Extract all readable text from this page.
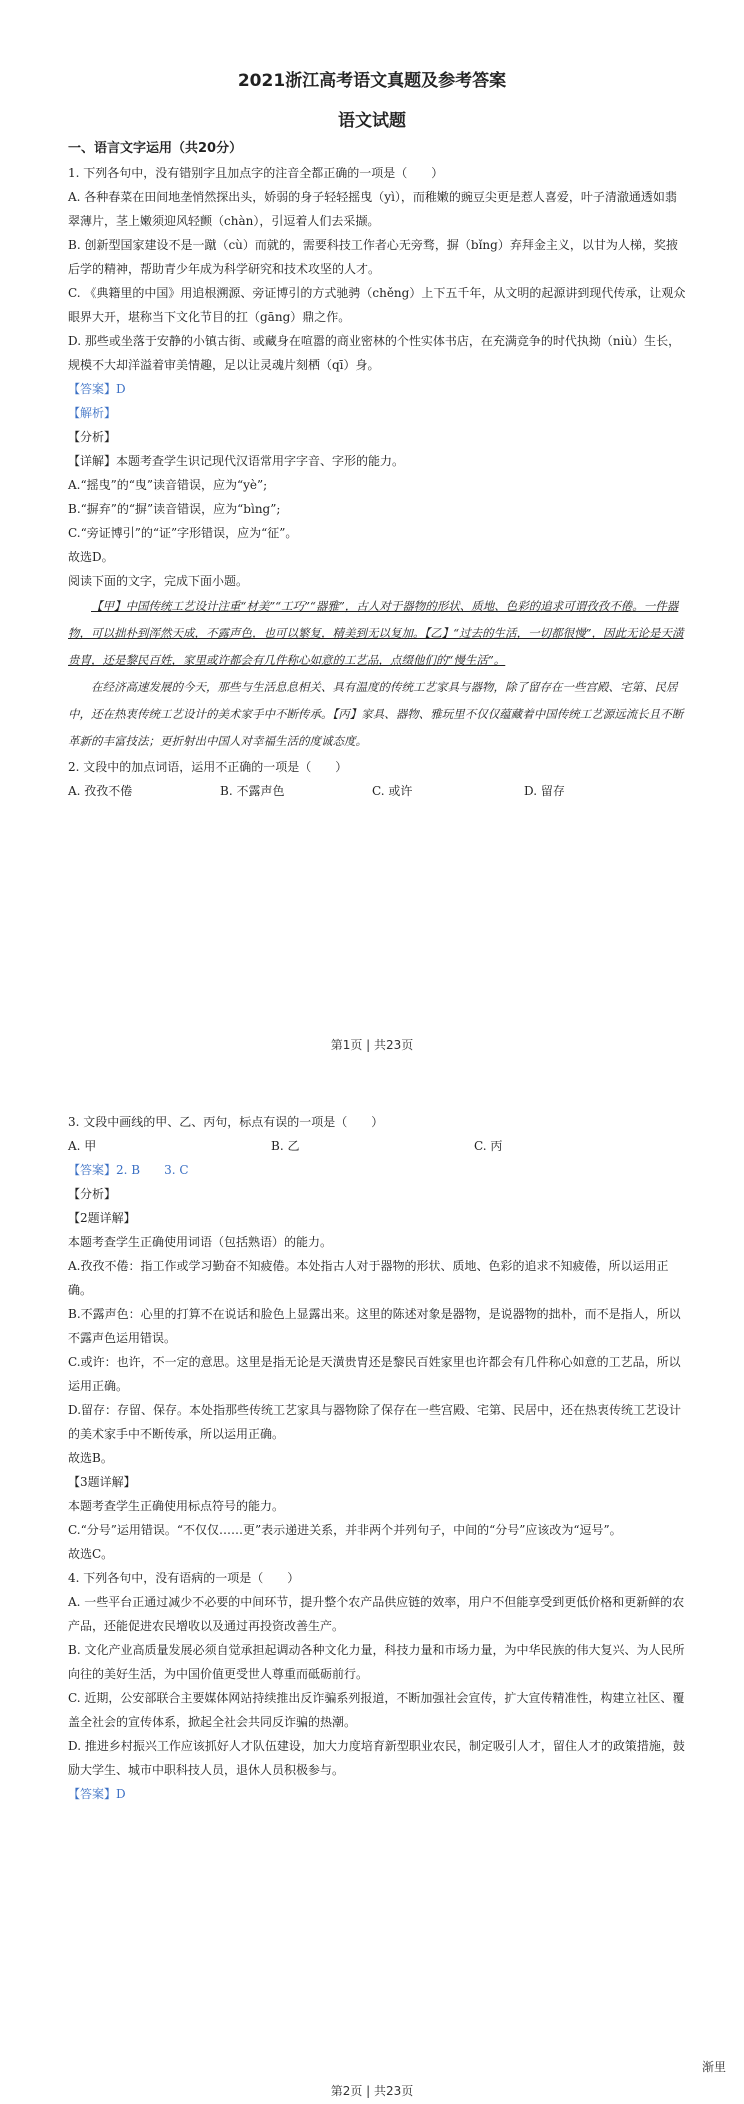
2021浙江高考语文真题及参考答案
语文试题

一、语言文字运用（共20分）

1. 下列各句中，没有错别字且加点字的注音全都正确的一项是（　　）

A. 各种春菜在田间地垄悄然探出头，娇弱的身子轻轻摇曳（yì），而稚嫩的豌豆尖更是惹人喜爱，叶子清澈通透如翡翠薄片，茎上嫩须迎风轻颤（chàn），引逗着人们去采撷。

B. 创新型国家建设不是一蹴（cù）而就的，需要科技工作者心无旁骛，摒（bǐng）弃拜金主义，以甘为人梯，奖掖后学的精神，帮助青少年成为科学研究和技术攻坚的人才。

C. 《典籍里的中国》用追根溯源、旁证博引的方式驰骋（chěng）上下五千年，从文明的起源讲到现代传承，让观众眼界大开，堪称当下文化节目的扛（gāng）鼎之作。

D. 那些或坐落于安静的小镇古街、或藏身在喧嚣的商业密林的个性实体书店，在充满竞争的时代执拗（niù）生长，规模不大却洋溢着审美情趣，足以让灵魂片刻栖（qī）身。

【答案】D

【解析】

【分析】

【详解】本题考查学生识记现代汉语常用字字音、字形的能力。

A.“摇曳”的“曳”读音错误，应为“yè”;

B.“摒弃”的“摒”读音错误，应为“bìng”;

C.“旁证博引”的“证”字形错误，应为“征”。

故选D。

阅读下面的文字，完成下面小题。

【甲】中国传统工艺设计注重“材美”“工巧”“器雅”，古人对于器物的形状、质地、色彩的追求可谓孜孜不倦。一件器物，可以拙朴到浑然天成，不露声色，也可以繁复，精美到无以复加。【乙】“过去的生活，一切都很慢”，因此无论是天潢贵胄，还是黎民百姓，家里或许都会有几件称心如意的工艺品，点缀他们的“慢生活”。

在经济高速发展的今天，那些与生活息息相关、具有温度的传统工艺家具与器物，除了留存在一些宫殿、宅第、民居中，还在热衷传统工艺设计的美术家手中不断传承。【丙】家具、器物、雅玩里不仅仅蕴藏着中国传统工艺源远流长且不断革新的丰富技法；更折射出中国人对幸福生活的度诚态度。

2. 文段中的加点词语，运用不正确的一项是（　　）

A. 孜孜不倦	B. 不露声色	C. 或许	D. 留存
第1页 | 共23页

3. 文段中画线的甲、乙、丙句，标点有误的一项是（　　）

A. 甲	B. 乙	C. 丙

【答案】2. B　　3. C

【分析】

【2题详解】

本题考查学生正确使用词语（包括熟语）的能力。

A.孜孜不倦：指工作或学习勤奋不知疲倦。本处指古人对于器物的形状、质地、色彩的追求不知疲倦，所以运用正确。

B.不露声色：心里的打算不在说话和脸色上显露出来。这里的陈述对象是器物，是说器物的拙朴，而不是指人，所以不露声色运用错误。

C.或许：也许，不一定的意思。这里是指无论是天潢贵胄还是黎民百姓家里也许都会有几件称心如意的工艺品，所以运用正确。

D.留存：存留、保存。本处指那些传统工艺家具与器物除了保存在一些宫殿、宅第、民居中，还在热衷传统工艺设计的美术家手中不断传承，所以运用正确。

故选B。

【3题详解】

本题考查学生正确使用标点符号的能力。

C.“分号”运用错误。“不仅仅……更”表示递进关系，并非两个并列句子，中间的“分号”应该改为“逗号”。

故选C。

4. 下列各句中，没有语病的一项是（　　）

A. 一些平台正通过减少不必要的中间环节，提升整个农产品供应链的效率，用户不但能享受到更低价格和更新鲜的农产品，还能促进农民增收以及通过再投资改善生产。

B. 文化产业高质量发展必须自觉承担起调动各种文化力量，科技力量和市场力量，为中华民族的伟大复兴、为人民所向往的美好生活，为中国价值更受世人尊重而砥砺前行。

C. 近期，公安部联合主要媒体网站持续推出反诈骗系列报道，不断加强社会宣传，扩大宣传精准性，构建立社区、覆盖全社会的宣传体系，掀起全社会共同反诈骗的热潮。

D. 推进乡村振兴工作应该抓好人才队伍建设，加大力度培育新型职业农民，制定吸引人才，留住人才的政策措施，鼓励大学生、城市中职科技人员，退休人员积极参与。

【答案】D

渐里
第2页 | 共23页
